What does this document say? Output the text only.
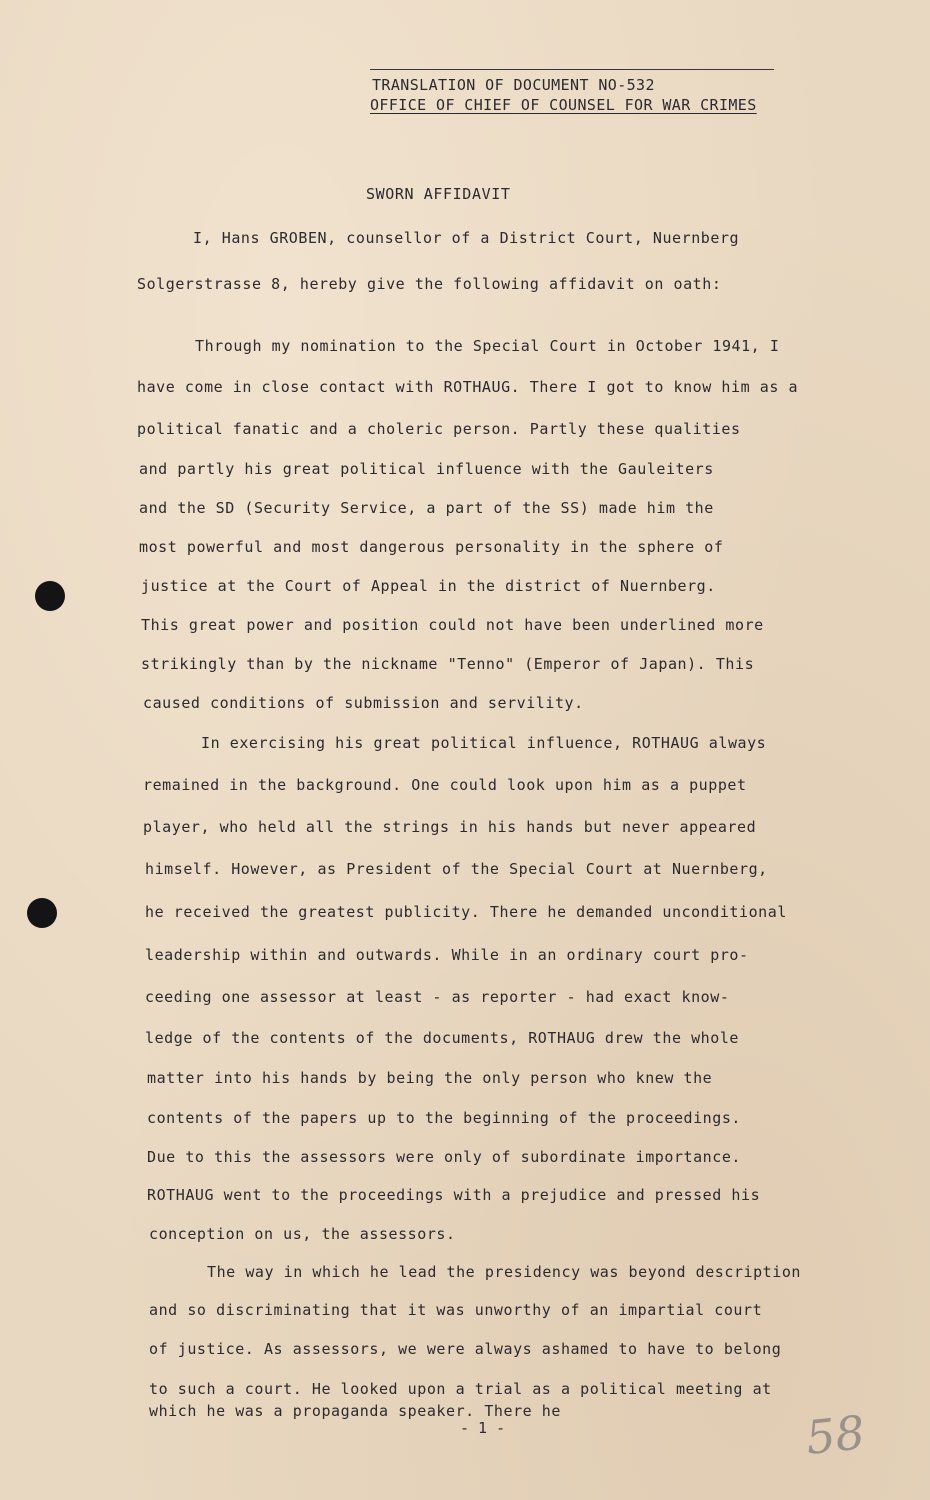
TRANSLATION OF DOCUMENT NO-532
OFFICE OF CHIEF OF COUNSEL FOR WAR CRIMES
SWORN AFFIDAVIT
I, Hans GROBEN, counsellor of a District Court, Nuernberg
Solgerstrasse 8, hereby give the following affidavit on oath:
Through my nomination to the Special Court in October 1941, I
have come in close contact with ROTHAUG. There I got to know him as a
political fanatic and a choleric person. Partly these qualities
and partly his great political influence with the Gauleiters
and the SD (Security Service, a part of the SS) made him the
most powerful and most dangerous personality in the sphere of
justice at the Court of Appeal in the district of Nuernberg.
This great power and position could not have been underlined more
strikingly than by the nickname "Tenno" (Emperor of Japan). This
caused conditions of submission and servility.
In exercising his great political influence, ROTHAUG always
remained in the background. One could look upon him as a puppet
player, who held all the strings in his hands but never appeared
himself. However, as President of the Special Court at Nuernberg,
he received the greatest publicity. There he demanded unconditional
leadership within and outwards. While in an ordinary court pro-
ceeding one assessor at least - as reporter - had exact know-
ledge of the contents of the documents, ROTHAUG drew the whole
matter into his hands by being the only person who knew the
contents of the papers up to the beginning of the proceedings.
Due to this the assessors were only of subordinate importance.
ROTHAUG went to the proceedings with a prejudice and pressed his
conception on us, the assessors.
The way in which he lead the presidency was beyond description
and so discriminating that it was unworthy of an impartial court
of justice. As assessors, we were always ashamed to have to belong
to such a court. He looked upon a trial as a political meeting at
which he was a propaganda speaker. There he
- 1 -	58
